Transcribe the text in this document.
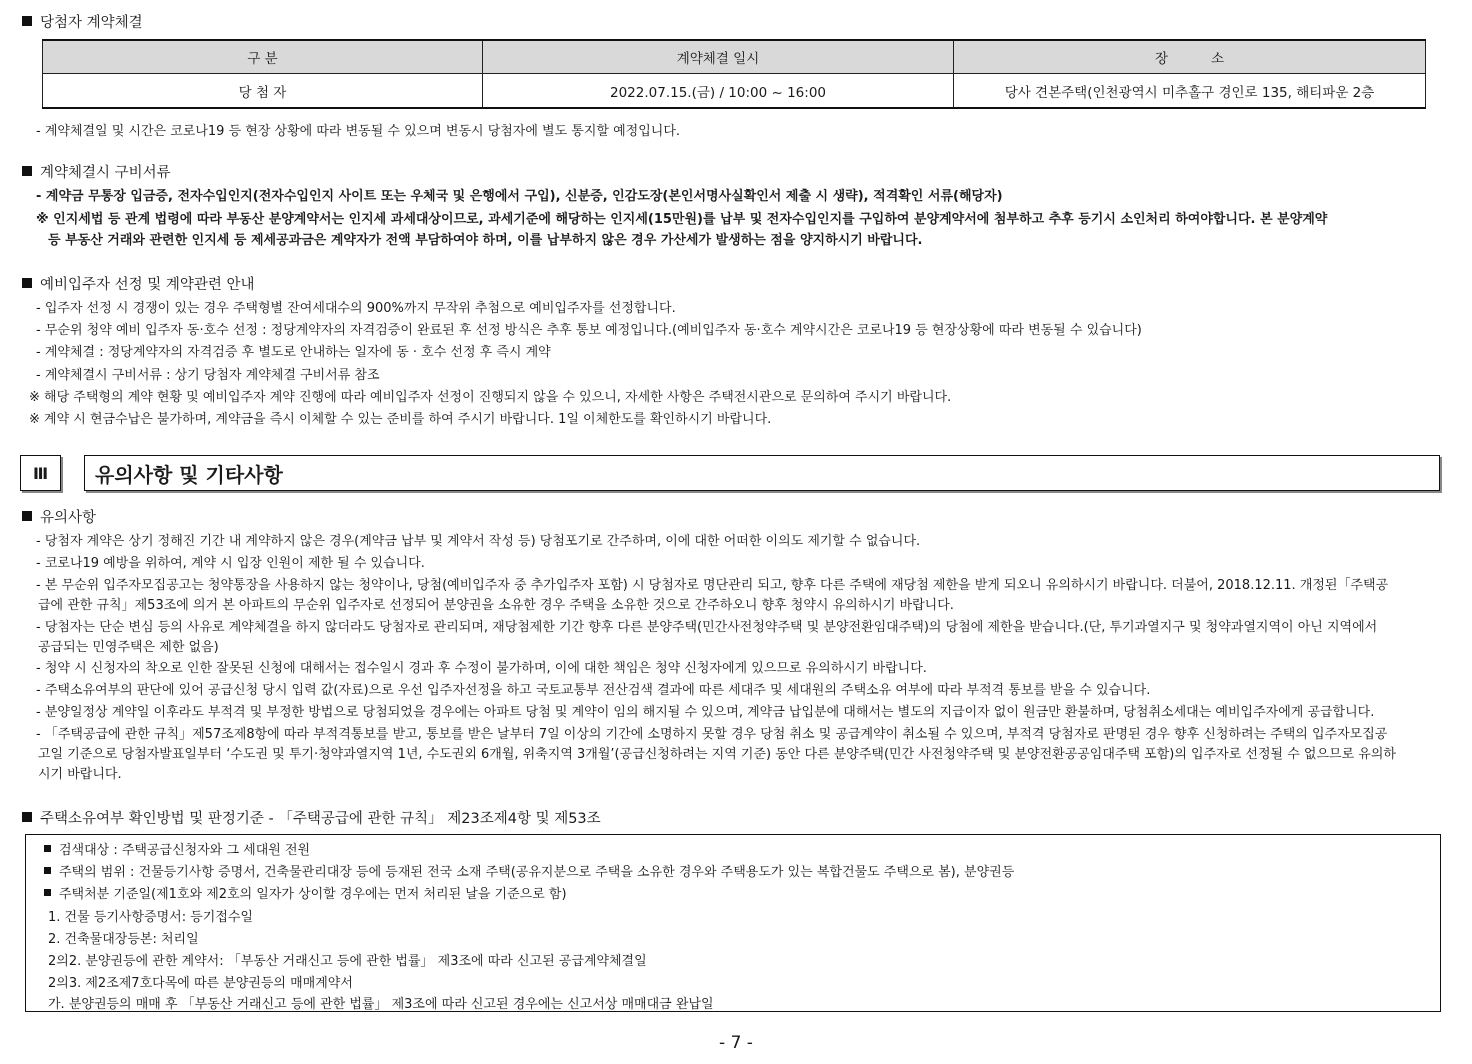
당첨자 계약체결
구 분	계약체결 일시	장          소
당 첨 자	2022.07.15.(금) / 10:00 ~ 16:00	당사 견본주택(인천광역시 미추홀구 경인로 135, 해티파운 2층
- 계약체결일 및 시간은 코로나19 등 현장 상황에 따라 변동될 수 있으며 변동시 당첨자에 별도 통지할 예정입니다.
계약체결시 구비서류
- 계약금 무통장 입금증, 전자수입인지(전자수입인지 사이트 또는 우체국 및 은행에서 구입), 신분증, 인감도장(본인서명사실확인서 제출 시 생략), 적격확인 서류(해당자)
※ 인지세법 등 관계 법령에 따라 부동산 분양계약서는 인지세 과세대상이므로, 과세기준에 해당하는 인지세(15만원)를 납부 및 전자수입인지를 구입하여 분양계약서에 첨부하고 추후 등기시 소인처리 하여야합니다. 본 분양계약
등 부동산 거래와 관련한 인지세 등 제세공과금은 계약자가 전액 부담하여야 하며, 이를 납부하지 않은 경우 가산세가 발생하는 점을 양지하시기 바랍니다.
예비입주자 선정 및 계약관련 안내
- 입주자 선정 시 경쟁이 있는 경우 주택형별 잔여세대수의 900%까지 무작위 추첨으로 예비입주자를 선정합니다.
- 무순위 청약 예비 입주자 동·호수 선정 : 정당계약자의 자격검증이 완료된 후 선정 방식은 추후 통보 예정입니다.(예비입주자 동·호수 계약시간은 코로나19 등 현장상황에 따라 변동될 수 있습니다)
- 계약체결 : 정당계약자의 자격검증 후 별도로 안내하는 일자에 동 · 호수 선정 후 즉시 계약
- 계약체결시 구비서류 : 상기 당첨자 계약체결 구비서류 참조
※ 해당 주택형의 계약 현황 및 예비입주자 계약 진행에 따라 예비입주자 선정이 진행되지 않을 수 있으니, 자세한 사항은 주택전시관으로 문의하여 주시기 바랍니다.
※ 계약 시 현금수납은 불가하며, 계약금을 즉시 이체할 수 있는 준비를 하여 주시기 바랍니다. 1일 이체한도를 확인하시기 바랍니다.
Ⅲ	유의사항 및 기타사항
유의사항
- 당첨자 계약은 상기 정해진 기간 내 계약하지 않은 경우(계약금 납부 및 계약서 작성 등) 당첨포기로 간주하며, 이에 대한 어떠한 이의도 제기할 수 없습니다.
- 코로나19 예방을 위하여, 계약 시 입장 인원이 제한 될 수 있습니다.
- 본 무순위 입주자모집공고는 청약통장을 사용하지 않는 청약이나, 당첨(예비입주자 중 추가입주자 포함) 시 당첨자로 명단관리 되고, 향후 다른 주택에 재당첨 제한을 받게 되오니 유의하시기 바랍니다. 더불어, 2018.12.11. 개정된「주택공
급에 관한 규칙」제53조에 의거 본 아파트의 무순위 입주자로 선정되어 분양권을 소유한 경우 주택을 소유한 것으로 간주하오니 향후 청약시 유의하시기 바랍니다.
- 당첨자는 단순 변심 등의 사유로 계약체결을 하지 않더라도 당첨자로 관리되며, 재당첨제한 기간 향후 다른 분양주택(민간사전청약주택 및 분양전환임대주택)의 당첨에 제한을 받습니다.(단, 투기과열지구 및 청약과열지역이 아닌 지역에서
공급되는 민영주택은 제한 없음)
- 청약 시 신청자의 착오로 인한 잘못된 신청에 대해서는 접수일시 경과 후 수정이 불가하며, 이에 대한 책임은 청약 신청자에게 있으므로 유의하시기 바랍니다.
- 주택소유여부의 판단에 있어 공급신청 당시 입력 값(자료)으로 우선 입주자선정을 하고 국토교통부 전산검색 결과에 따른 세대주 및 세대원의 주택소유 여부에 따라 부적격 통보를 받을 수 있습니다.
- 분양일정상 계약일 이후라도 부적격 및 부정한 방법으로 당첨되었을 경우에는 아파트 당첨 및 계약이 임의 해지될 수 있으며, 계약금 납입분에 대해서는 별도의 지급이자 없이 원금만 환불하며, 당첨취소세대는 예비입주자에게 공급합니다.
- 「주택공급에 관한 규칙」제57조제8항에 따라 부적격통보를 받고, 통보를 받은 날부터 7일 이상의 기간에 소명하지 못할 경우 당첨 취소 및 공급계약이 취소될 수 있으며, 부적격 당첨자로 판명된 경우 향후 신청하려는 주택의 입주자모집공
고일 기준으로 당첨자발표일부터 ‘수도권 및 투기·청약과열지역 1년, 수도권외 6개월, 위축지역 3개월’(공급신청하려는 지역 기준) 동안 다른 분양주택(민간 사전청약주택 및 분양전환공공임대주택 포함)의 입주자로 선정될 수 없으므로 유의하
시기 바랍니다.
주택소유여부 확인방법 및 판정기준 - 「주택공급에 관한 규칙」 제23조제4항 및 제53조
검색대상 : 주택공급신청자와 그 세대원 전원
주택의 범위 : 건물등기사항 증명서, 건축물관리대장 등에 등재된 전국 소재 주택(공유지분으로 주택을 소유한 경우와 주택용도가 있는 복합건물도 주택으로 봄), 분양권등
주택처분 기준일(제1호와 제2호의 일자가 상이할 경우에는 먼저 처리된 날을 기준으로 함)
1. 건물 등기사항증명서: 등기접수일
2. 건축물대장등본: 처리일
2의2. 분양권등에 관한 계약서: 「부동산 거래신고 등에 관한 법률」 제3조에 따라 신고된 공급계약체결일
2의3. 제2조제7호다목에 따른 분양권등의 매매계약서
가. 분양권등의 매매 후 「부동산 거래신고 등에 관한 법률」 제3조에 따라 신고된 경우에는 신고서상 매매대금 완납일
- 7 -
